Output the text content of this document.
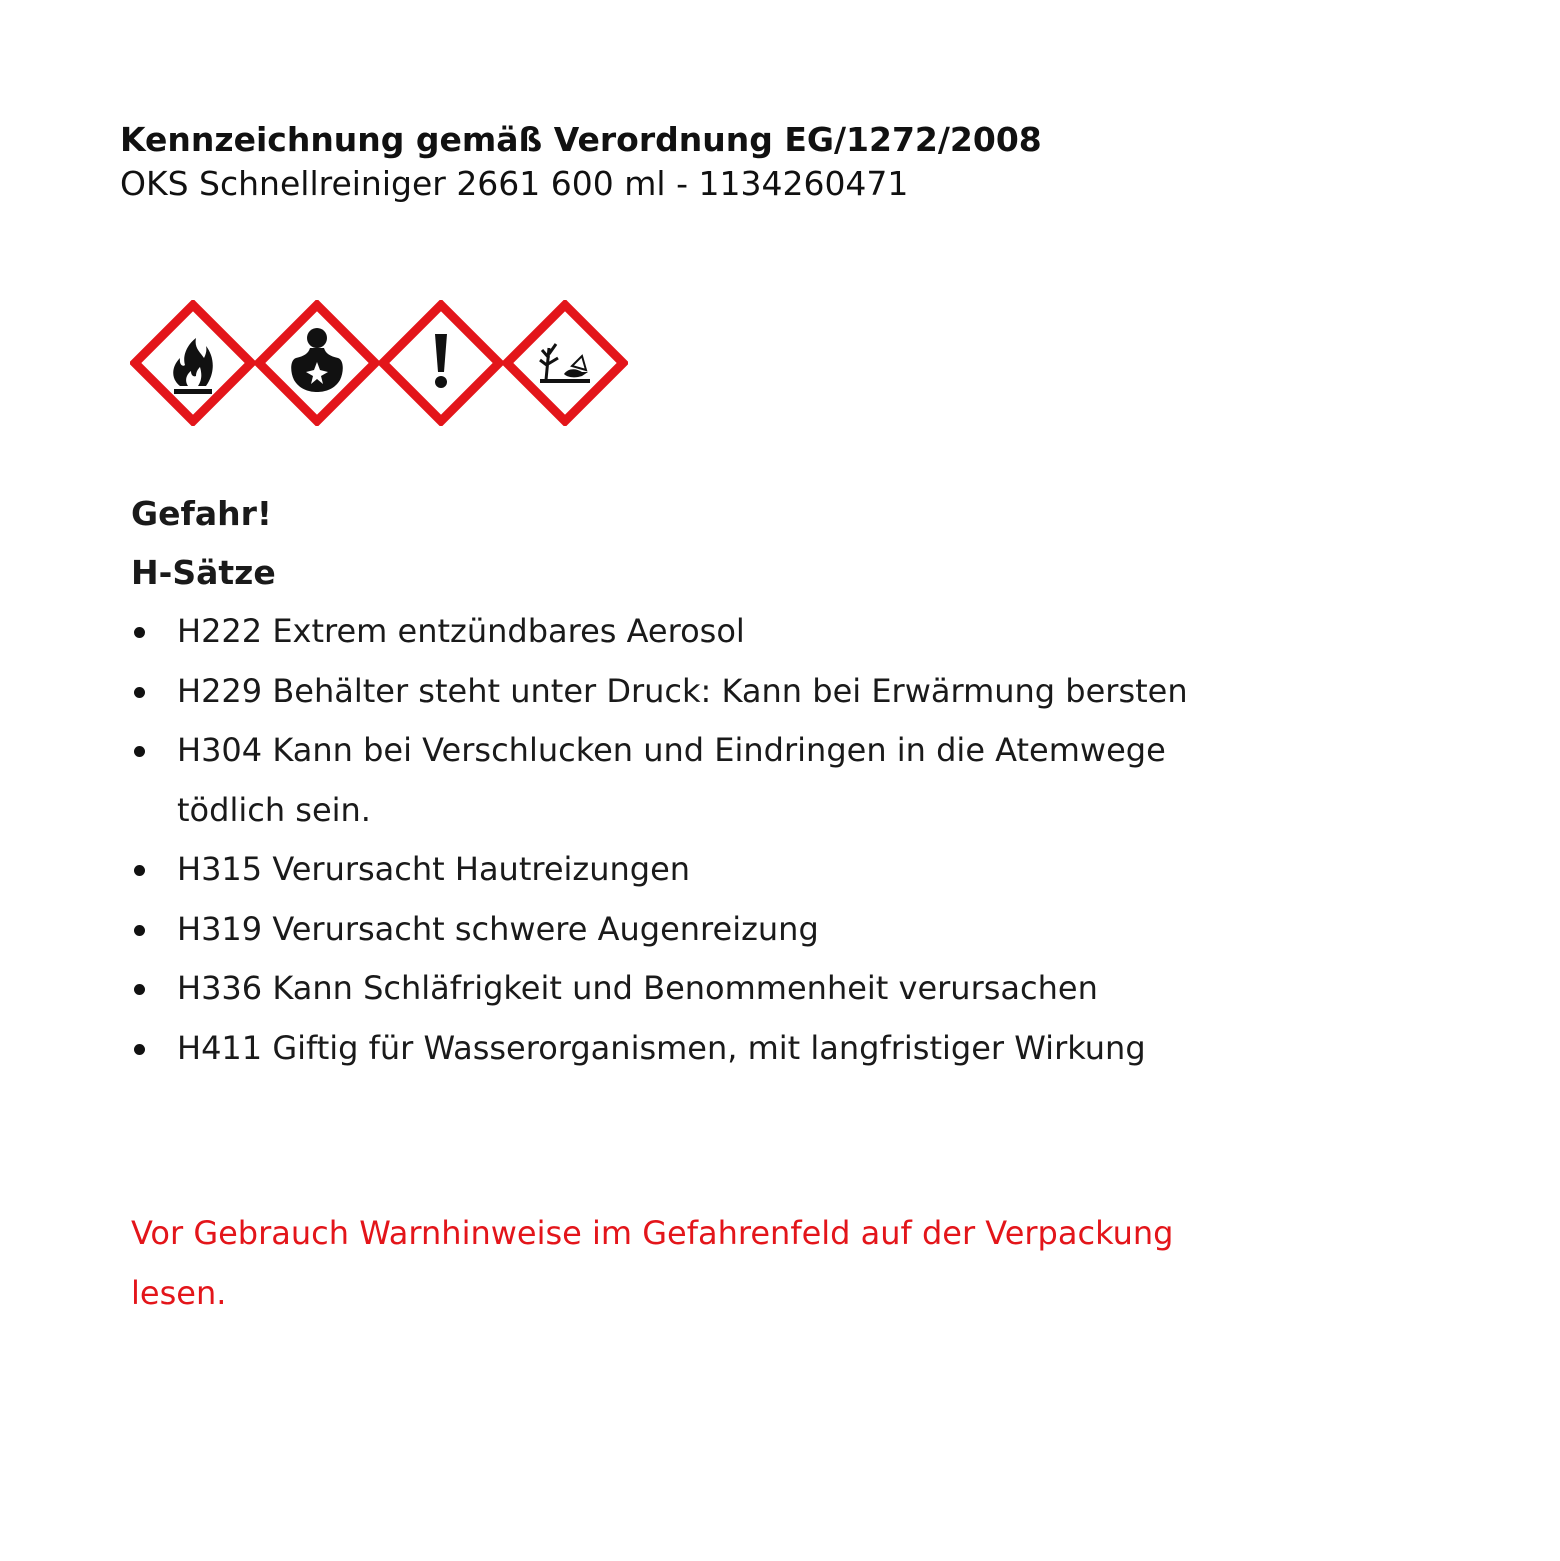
Kennzeichnung gemäß Verordnung EG/1272/2008

OKS Schnellreiniger 2661 600 ml - 1134260471

Gefahr!

H-Sätze

H222 Extrem entzündbares Aerosol
H229 Behälter steht unter Druck: Kann bei Erwärmung bersten
H304 Kann bei Verschlucken und Eindringen in die Atemwege tödlich sein.
H315 Verursacht Hautreizungen
H319 Verursacht schwere Augenreizung
H336 Kann Schläfrigkeit und Benommenheit verursachen
H411 Giftig für Wasserorganismen, mit langfristiger Wirkung

Vor Gebrauch Warnhinweise im Gefahrenfeld auf der Verpackung lesen.
